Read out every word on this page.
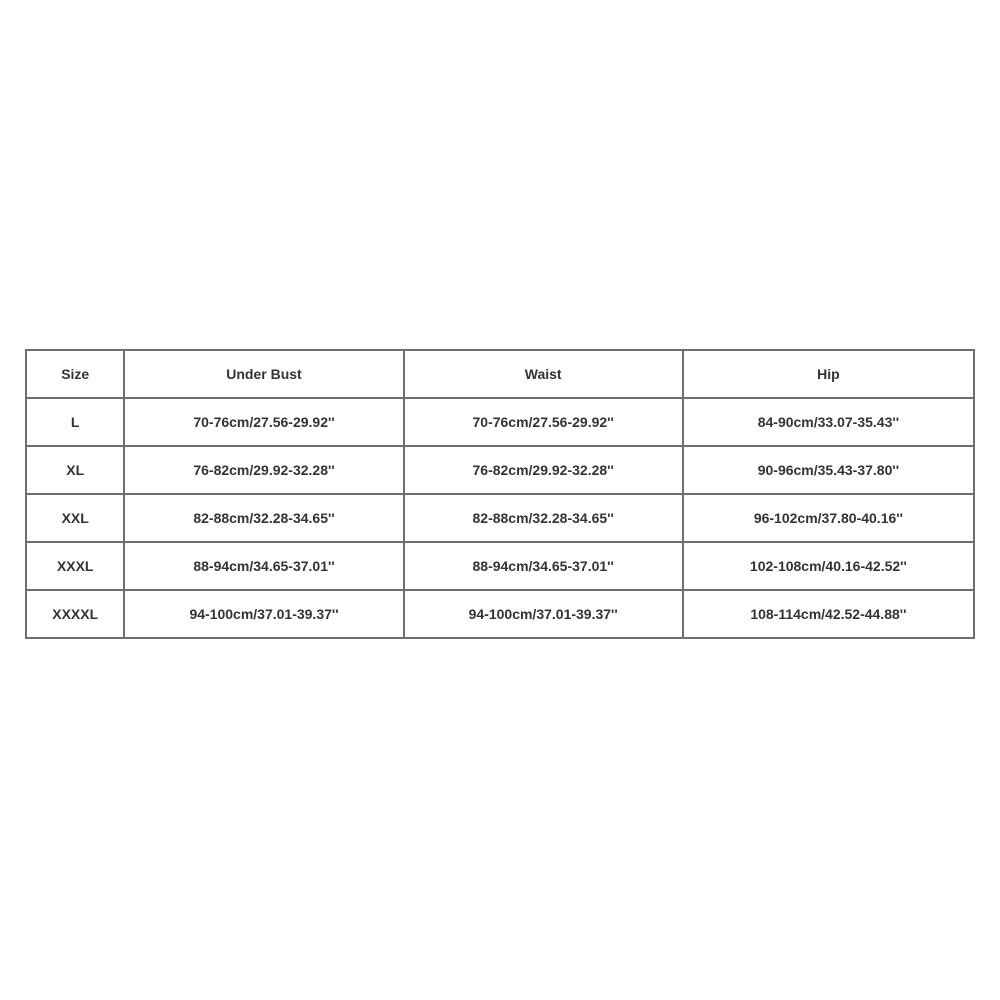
Size	Under Bust	Waist	Hip
L	70-76cm/27.56-29.92''	70-76cm/27.56-29.92''	84-90cm/33.07-35.43''
XL	76-82cm/29.92-32.28''	76-82cm/29.92-32.28''	90-96cm/35.43-37.80''
XXL	82-88cm/32.28-34.65''	82-88cm/32.28-34.65''	96-102cm/37.80-40.16''
XXXL	88-94cm/34.65-37.01''	88-94cm/34.65-37.01''	102-108cm/40.16-42.52''
XXXXL	94-100cm/37.01-39.37''	94-100cm/37.01-39.37''	108-114cm/42.52-44.88''
